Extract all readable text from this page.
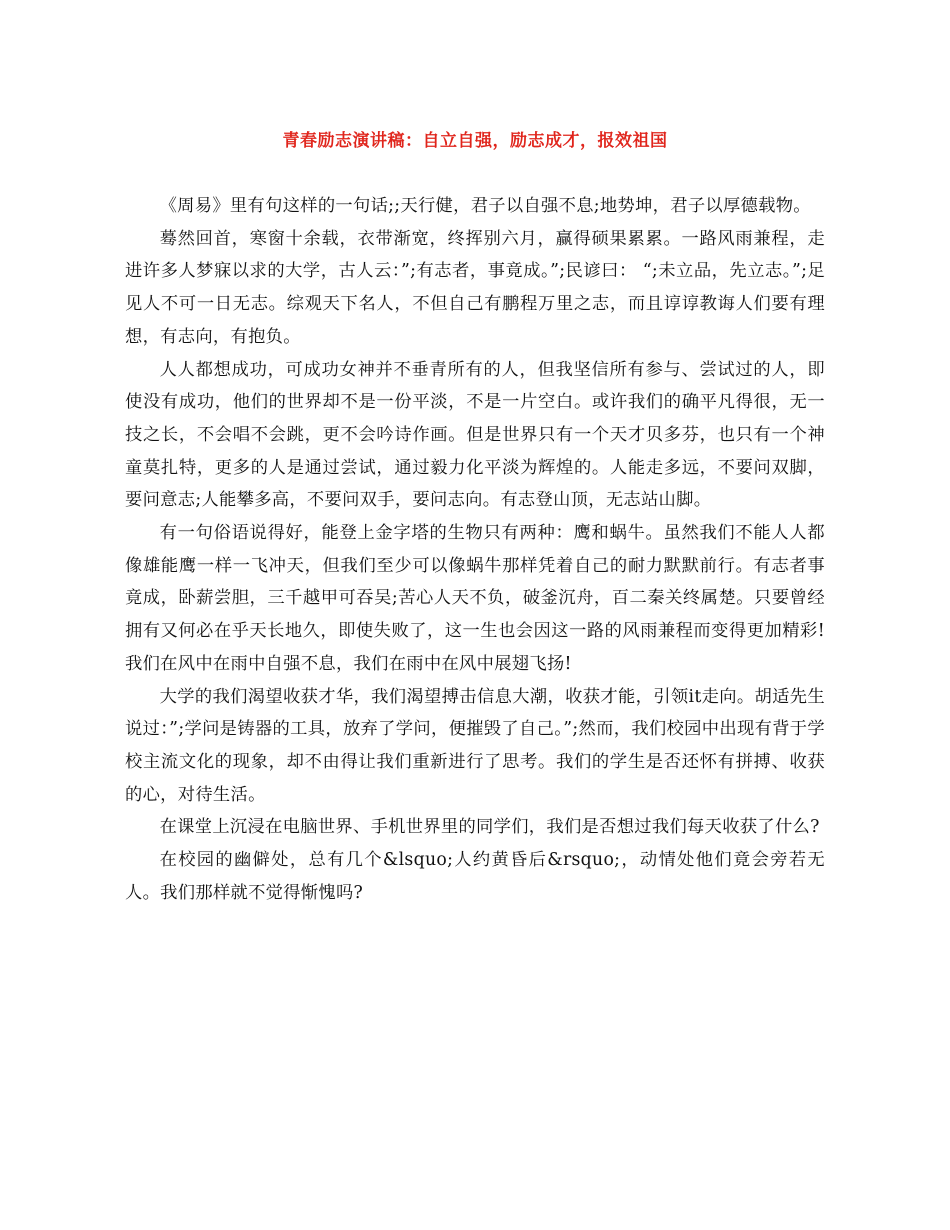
青春励志演讲稿：自立自强，励志成才，报效祖国

《周易》里有句这样的一句话;;天行健，君子以自强不息;地势坤，君子以厚德载物。

蓦然回首，寒窗十余载，衣带渐宽，终挥别六月，赢得硕果累累。一路风雨兼程，走进许多人梦寐以求的大学，古人云：”;有志者，事竟成。”;民谚曰： “;未立品，先立志。”;足见人不可一日无志。综观天下名人，不但自己有鹏程万里之志，而且谆谆教诲人们要有理想，有志向，有抱负。

人人都想成功，可成功女神并不垂青所有的人，但我坚信所有参与、尝试过的人，即使没有成功，他们的世界却不是一份平淡，不是一片空白。或许我们的确平凡得很，无一技之长，不会唱不会跳，更不会吟诗作画。但是世界只有一个天才贝多芬，也只有一个神童莫扎特，更多的人是通过尝试，通过毅力化平淡为辉煌的。人能走多远，不要问双脚，要问意志;人能攀多高，不要问双手，要问志向。有志登山顶，无志站山脚。

有一句俗语说得好，能登上金字塔的生物只有两种：鹰和蜗牛。虽然我们不能人人都像雄能鹰一样一飞冲天，但我们至少可以像蜗牛那样凭着自己的耐力默默前行。有志者事竟成，卧薪尝胆，三千越甲可吞吴;苦心人天不负，破釜沉舟，百二秦关终属楚。只要曾经拥有又何必在乎天长地久，即使失败了，这一生也会因这一路的风雨兼程而变得更加精彩!我们在风中在雨中自强不息，我们在雨中在风中展翅飞扬!

大学的我们渴望收获才华，我们渴望搏击信息大潮，收获才能，引领it走向。胡适先生说过：”;学问是铸器的工具，放弃了学问，便摧毁了自己。”;然而，我们校园中出现有背于学校主流文化的现象，却不由得让我们重新进行了思考。我们的学生是否还怀有拼搏、收获的心，对待生活。

在课堂上沉浸在电脑世界、手机世界里的同学们，我们是否想过我们每天收获了什么?

在校园的幽僻处，总有几个&lsquo;人约黄昏后&rsquo;，动情处他们竟会旁若无人。我们那样就不觉得惭愧吗?
